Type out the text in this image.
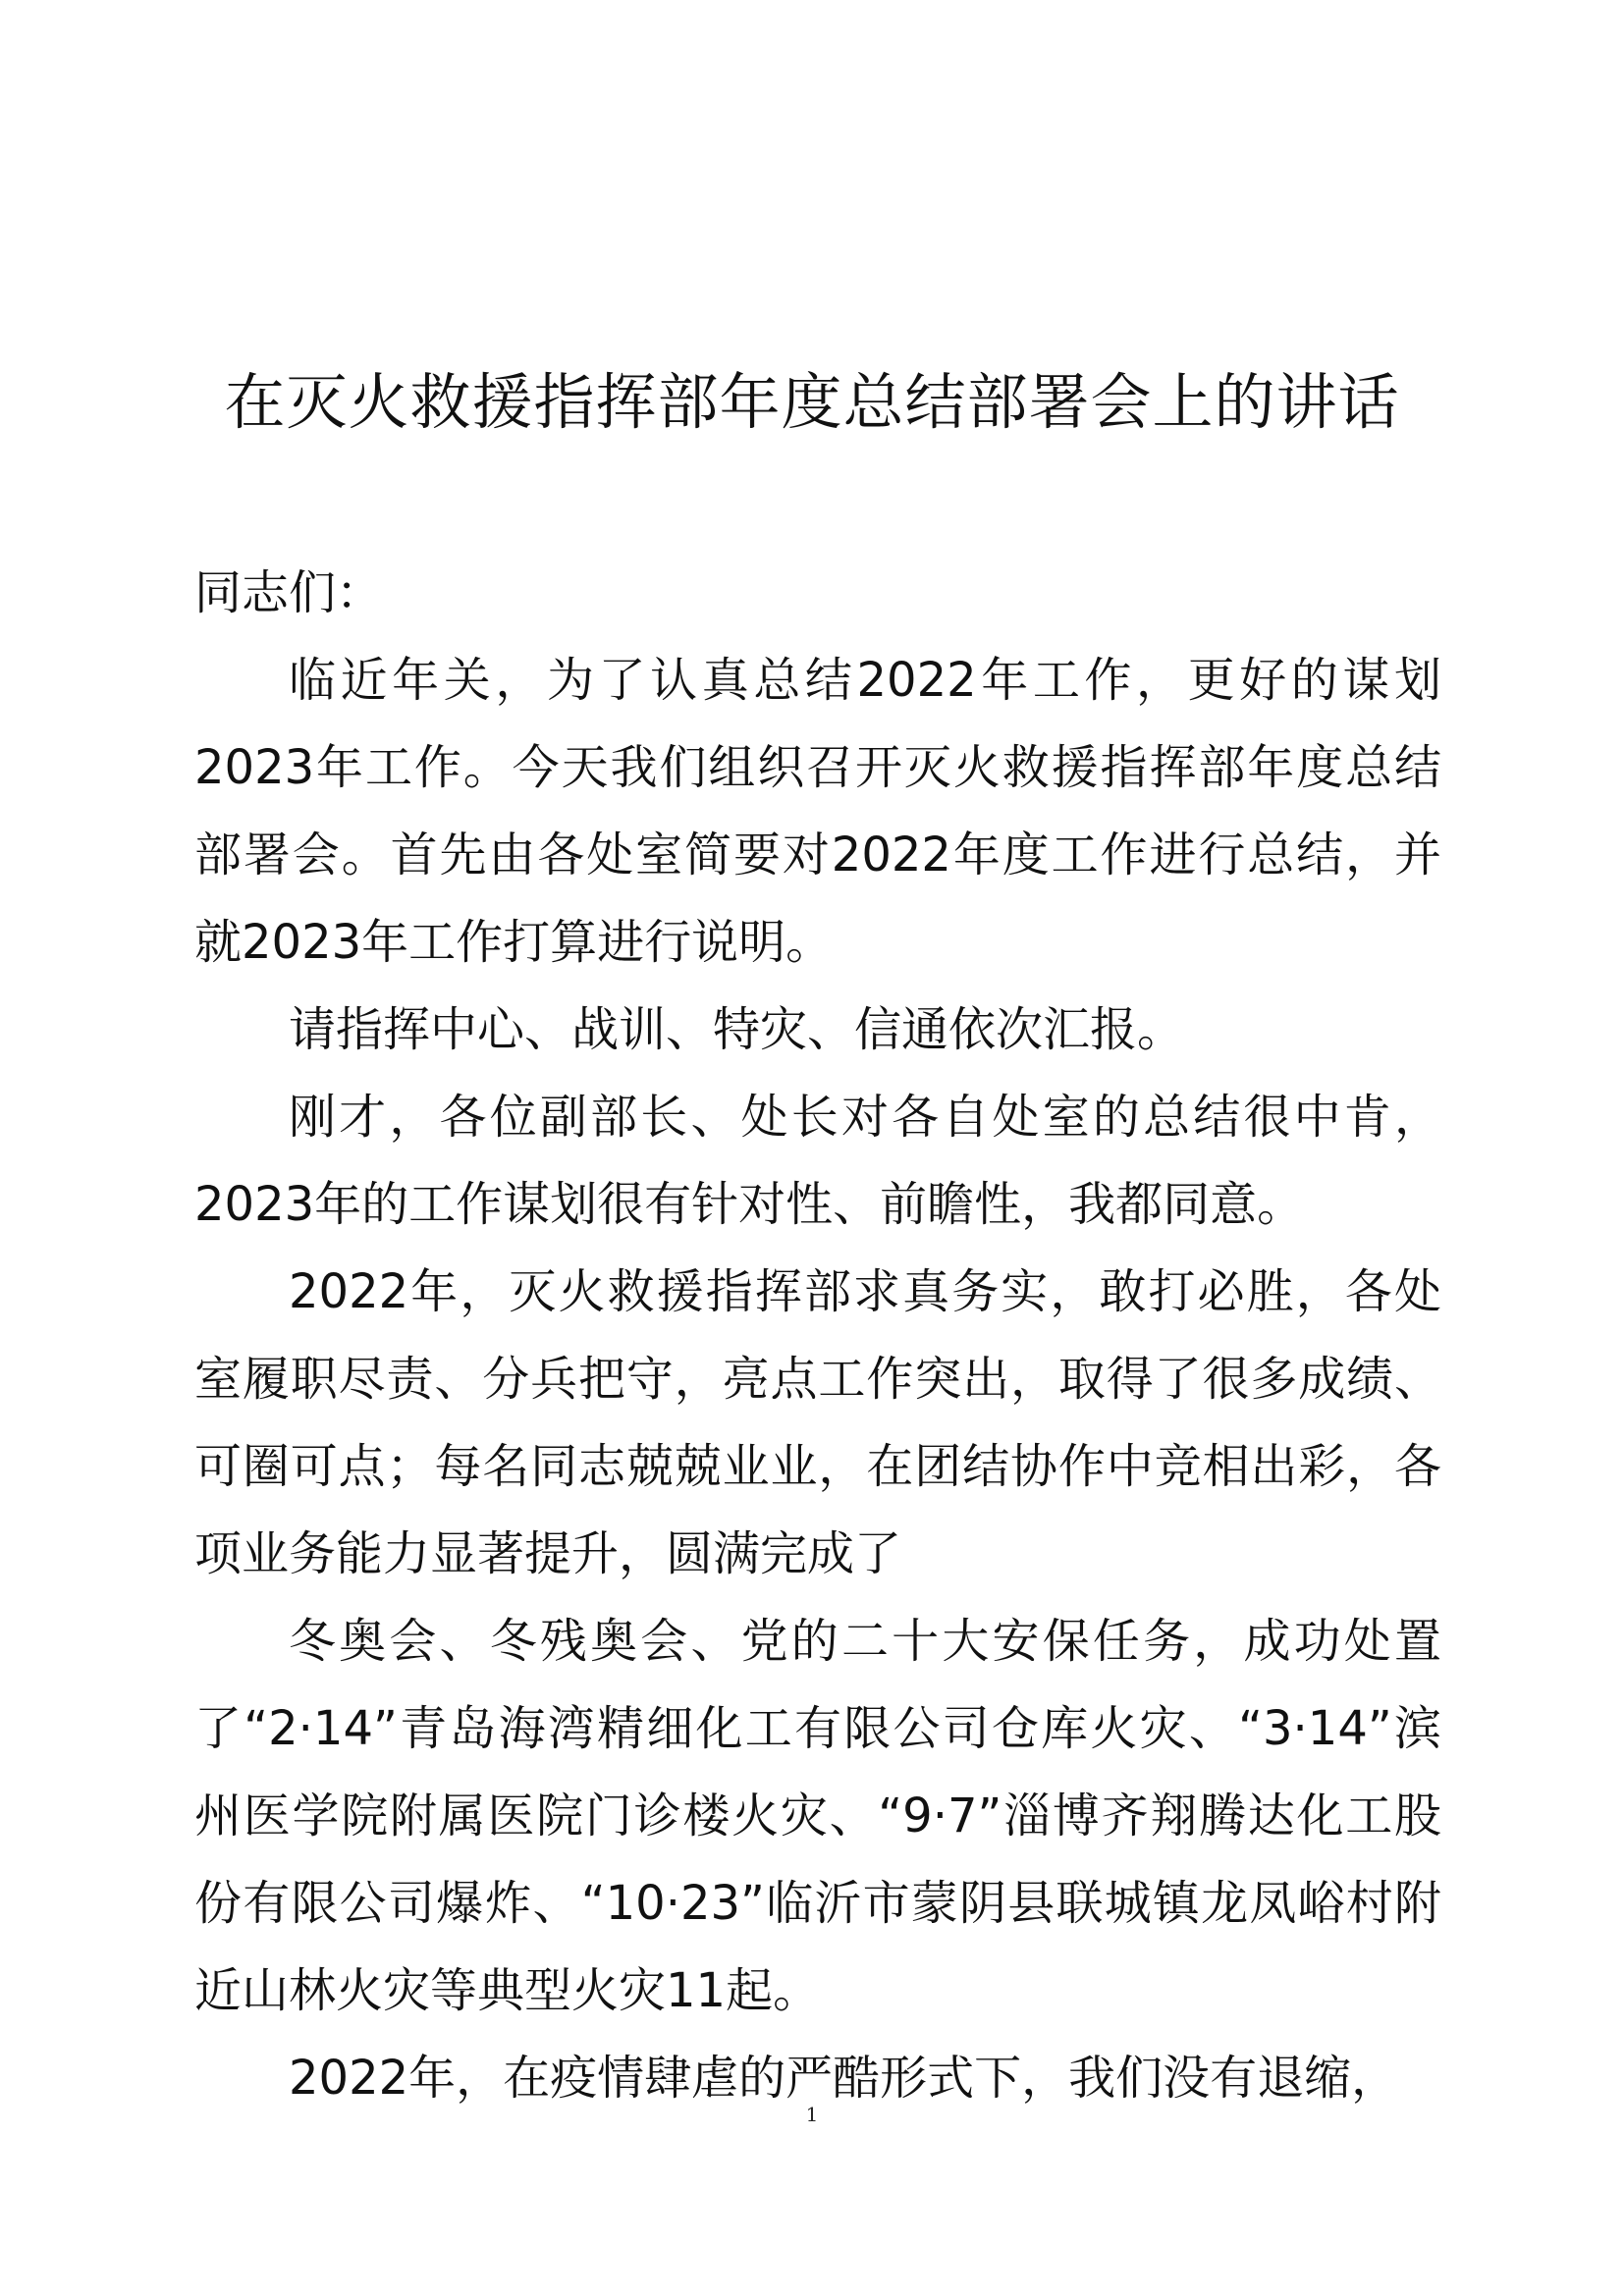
在灭火救援指挥部年度总结部署会上的讲话

同志们：

临近年关，为了认真总结2022年工作，更好的谋划2023年工作。今天我们组织召开灭火救援指挥部年度总结部署会。首先由各处室简要对2022年度工作进行总结，并就2023年工作打算进行说明。

请指挥中心、战训、特灾、信通依次汇报。

刚才，各位副部长、处长对各自处室的总结很中肯，2023年的工作谋划很有针对性、前瞻性，我都同意。

2022年，灭火救援指挥部求真务实，敢打必胜，各处室履职尽责、分兵把守，亮点工作突出，取得了很多成绩、可圈可点；每名同志兢兢业业，在团结协作中竞相出彩，各项业务能力显著提升，圆满完成了

冬奥会、冬残奥会、党的二十大安保任务，成功处置了“2·14”青岛海湾精细化工有限公司仓库火灾、“3·14”滨州医学院附属医院门诊楼火灾、“9·7”淄博齐翔腾达化工股份有限公司爆炸、“10·23”临沂市蒙阴县联城镇龙凤峪村附近山林火灾等典型火灾11起。

2022年，在疫情肆虐的严酷形式下，我们没有退缩，

1
